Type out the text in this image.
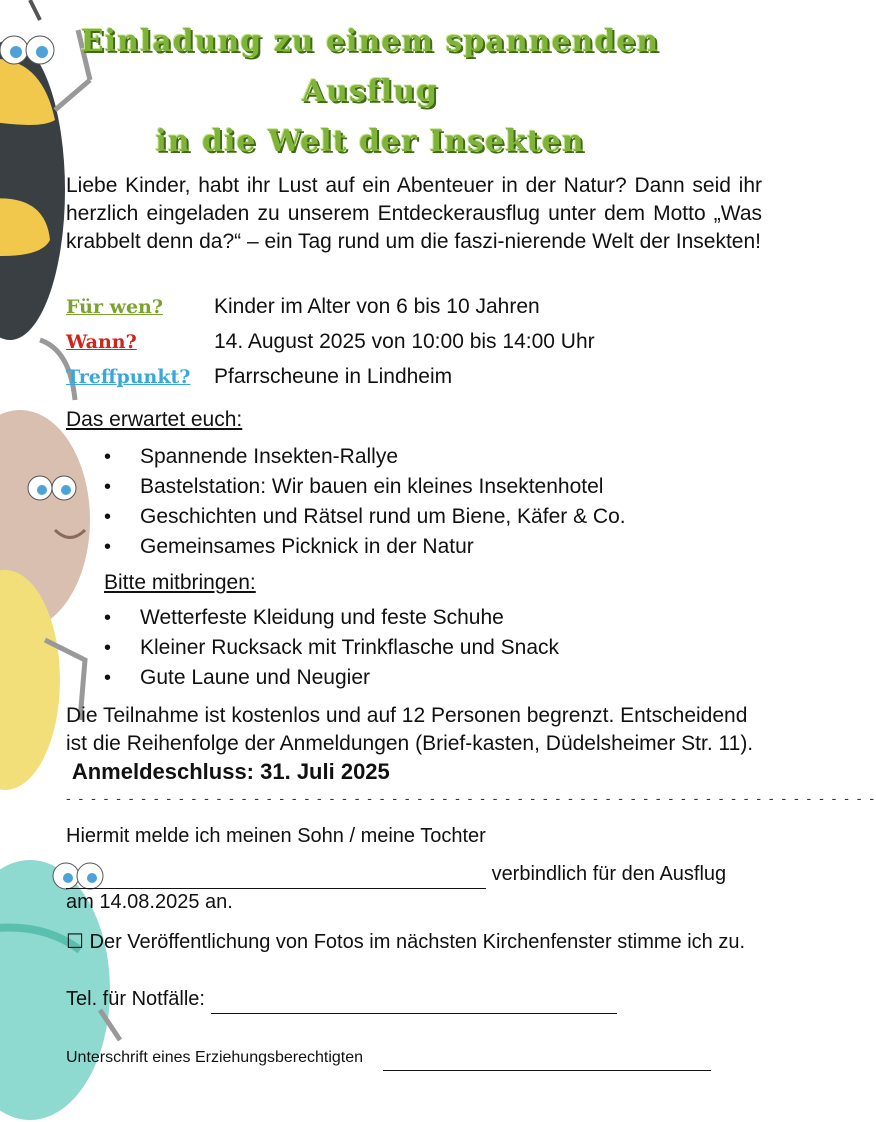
Einladung zu einem spannenden
Ausflug
in die Welt der Insekten

Liebe Kinder, habt ihr Lust auf ein Abenteuer in der Natur? Dann seid ihr herzlich eingeladen zu unserem Entdeckerausflug unter dem Motto „Was krabbelt denn da?“ – ein Tag rund um die faszi-nierende Welt der Insekten!

Für wen?	Kinder im Alter von 6 bis 10 Jahren
Wann?	14. August 2025 von 10:00 bis 14:00 Uhr
Treffpunkt?	Pfarrscheune in Lindheim
Das erwartet euch:
• Spannende Insekten-Rallye
• Bastelstation: Wir bauen ein kleines Insektenhotel
• Geschichten und Rätsel rund um Biene, Käfer & Co.
• Gemeinsames Picknick in der Natur
Bitte mitbringen:
• Wetterfeste Kleidung und feste Schuhe
• Kleiner Rucksack mit Trinkflasche und Snack
• Gute Laune und Neugier
Die Teilnahme ist kostenlos und auf 12 Personen begrenzt. Entscheidend ist die Reihenfolge der Anmeldungen (Brief-kasten, Düdelsheimer Str. 11).  Anmeldeschluss: 31. Juli 2025
- - - - - - - - - - - - - - - - - - - - - - - - - - - - - - - - - - - - - - - - - - - - - - - - - - - - - - - - - - - - - - - - -
Hiermit melde ich meinen Sohn / meine Tochter
verbindlich für den Ausflug
am 14.08.2025 an.
☐ Der Veröffentlichung von Fotos im nächsten Kirchenfenster stimme ich zu.
Tel. für Notfälle:
Unterschrift eines Erziehungsberechtigten
